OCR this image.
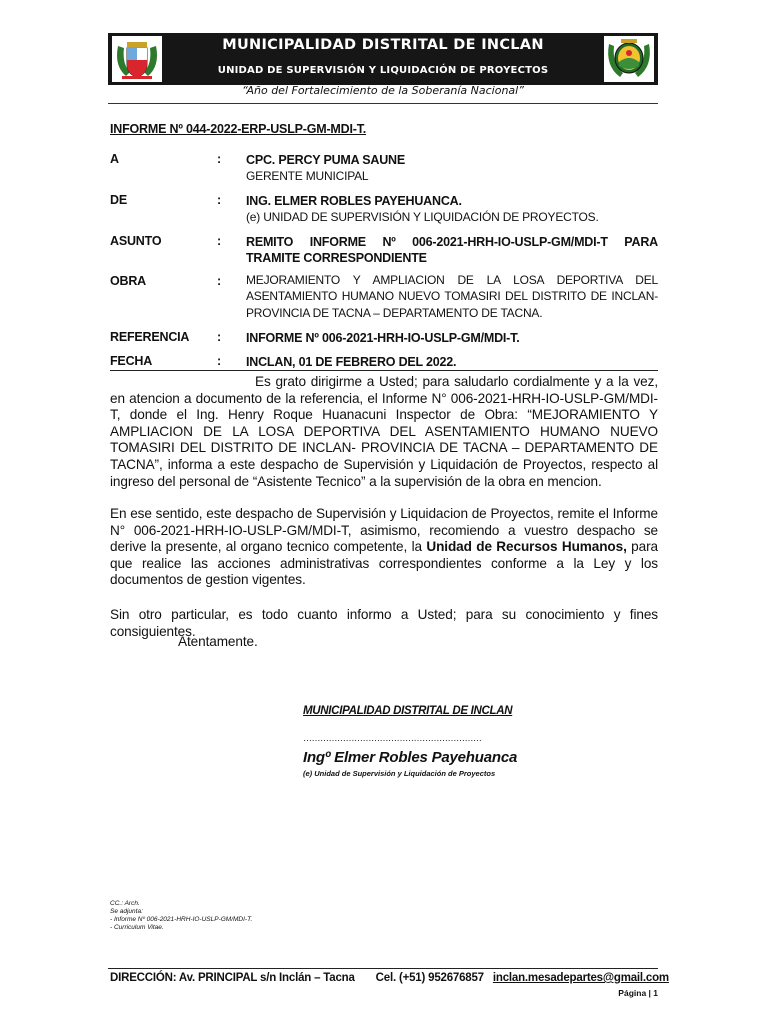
MUNICIPALIDAD DISTRITAL DE INCLAN
UNIDAD DE SUPERVISIÓN Y LIQUIDACIÓN DE PROYECTOS
“Año del Fortalecimiento de la Soberanía Nacional”
INFORME Nº 044-2022-ERP-USLP-GM-MDI-T.
A	: CPC. PERCY PUMA SAUNE
GERENTE MUNICIPAL
DE	: ING. ELMER ROBLES PAYEHUANCA.
(e) UNIDAD DE SUPERVISIÓN Y LIQUIDACIÓN DE PROYECTOS.
ASUNTO	: REMITO INFORME Nº 006-2021-HRH-IO-USLP-GM/MDI-T PARA TRAMITE CORRESPONDIENTE
OBRA	: MEJORAMIENTO Y AMPLIACION DE LA LOSA DEPORTIVA DEL ASENTAMIENTO HUMANO NUEVO TOMASIRI DEL DISTRITO DE INCLAN-PROVINCIA DE TACNA – DEPARTAMENTO DE TACNA.
REFERENCIA : INFORME Nº 006-2021-HRH-IO-USLP-GM/MDI-T.
FECHA	: INCLAN, 01 DE FEBRERO DEL 2022.
Es grato dirigirme a Usted; para saludarlo cordialmente y a la vez, en atencion a documento de la referencia, el Informe N° 006-2021-HRH-IO-USLP-GM/MDI-T, donde el Ing. Henry Roque Huanacuni Inspector de Obra: “MEJORAMIENTO Y AMPLIACION DE LA LOSA DEPORTIVA DEL ASENTAMIENTO HUMANO NUEVO TOMASIRI DEL DISTRITO DE INCLAN- PROVINCIA DE TACNA – DEPARTAMENTO DE TACNA”, informa a este despacho de Supervisión y Liquidación de Proyectos, respecto al ingreso del personal de “Asistente Tecnico” a la supervisión de la obra en mencion.
En ese sentido, este despacho de Supervisión y Liquidacion de Proyectos, remite el Informe N° 006-2021-HRH-IO-USLP-GM/MDI-T, asimismo, recomiendo a vuestro despacho se derive la presente, al organo tecnico competente, la Unidad de Recursos Humanos, para que realice las acciones administrativas correspondientes conforme a la Ley y los documentos de gestion vigentes.
Sin otro particular, es todo cuanto informo a Usted; para su conocimiento y fines consiguientes.
Atentamente.
MUNICIPALIDAD DISTRITAL DE INCLAN
………………………………………………………
Ingº Elmer Robles Payehuanca
(e) Unidad de Supervisión y Liquidación de Proyectos
CC.: Arch.
Se adjunta:
- Informe Nº 006-2021-HRH-IO-USLP-GM/MDI-T.
- Curriculum Vitae.
DIRECCIÓN: Av. PRINCIPAL s/n Inclán – Tacna Cel. (+51) 952676857 inclan.mesadepartes@gmail.com
Página | 1
